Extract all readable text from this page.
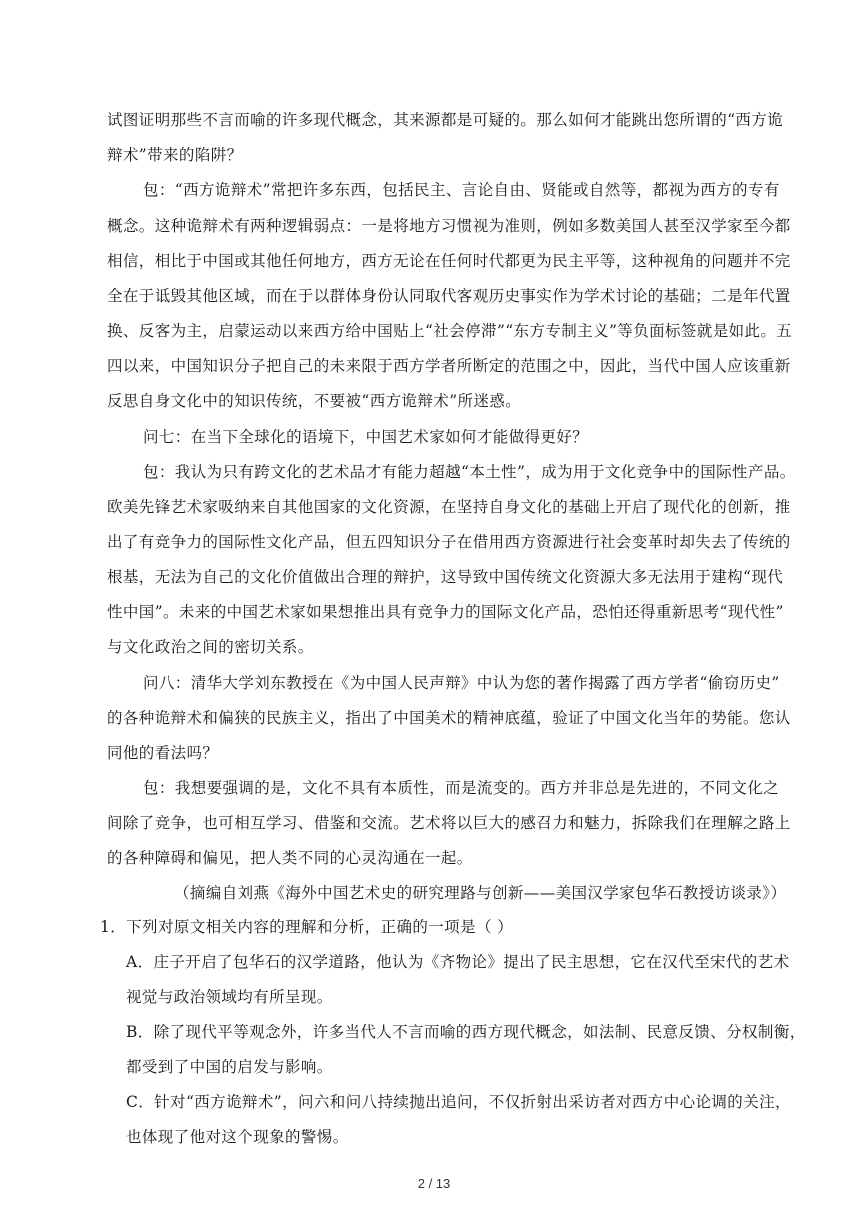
试图证明那些不言而喻的许多现代概念，其来源都是可疑的。那么如何才能跳出您所谓的“西方诡
辩术”带来的陷阱？
包：“西方诡辩术”常把许多东西，包括民主、言论自由、贤能或自然等，都视为西方的专有
概念。这种诡辩术有两种逻辑弱点：一是将地方习惯视为准则，例如多数美国人甚至汉学家至今都
相信，相比于中国或其他任何地方，西方无论在任何时代都更为民主平等，这种视角的问题并不完
全在于诋毁其他区域，而在于以群体身份认同取代客观历史事实作为学术讨论的基础；二是年代置
换、反客为主，启蒙运动以来西方给中国贴上“社会停滞”“东方专制主义”等负面标签就是如此。五
四以来，中国知识分子把自己的未来限于西方学者所断定的范围之中，因此，当代中国人应该重新
反思自身文化中的知识传统，不要被“西方诡辩术”所迷惑。
问七：在当下全球化的语境下，中国艺术家如何才能做得更好？
包：我认为只有跨文化的艺术品才有能力超越“本土性”，成为用于文化竞争中的国际性产品。
欧美先锋艺术家吸纳来自其他国家的文化资源，在坚持自身文化的基础上开启了现代化的创新，推
出了有竞争力的国际性文化产品，但五四知识分子在借用西方资源进行社会变革时却失去了传统的
根基，无法为自己的文化价值做出合理的辩护，这导致中国传统文化资源大多无法用于建构“现代
性中国”。未来的中国艺术家如果想推出具有竞争力的国际文化产品，恐怕还得重新思考“现代性”
与文化政治之间的密切关系。
问八：清华大学刘东教授在《为中国人民声辩》中认为您的著作揭露了西方学者“偷窃历史”
的各种诡辩术和偏狭的民族主义，指出了中国美术的精神底蕴，验证了中国文化当年的势能。您认
同他的看法吗？
包：我想要强调的是，文化不具有本质性，而是流变的。西方并非总是先进的，不同文化之
间除了竞争，也可相互学习、借鉴和交流。艺术将以巨大的感召力和魅力，拆除我们在理解之路上
的各种障碍和偏见，把人类不同的心灵沟通在一起。
（摘编自刘燕《海外中国艺术史的研究理路与创新——美国汉学家包华石教授访谈录》）
1．下列对原文相关内容的理解和分析，正确的一项是（ ）
A．庄子开启了包华石的汉学道路，他认为《齐物论》提出了民主思想，它在汉代至宋代的艺术
视觉与政治领域均有所呈现。
B．除了现代平等观念外，许多当代人不言而喻的西方现代概念，如法制、民意反馈、分权制衡，
都受到了中国的启发与影响。
C．针对“西方诡辩术”，问六和问八持续抛出追问，不仅折射出采访者对西方中心论调的关注，
也体现了他对这个现象的警惕。
2 / 13
